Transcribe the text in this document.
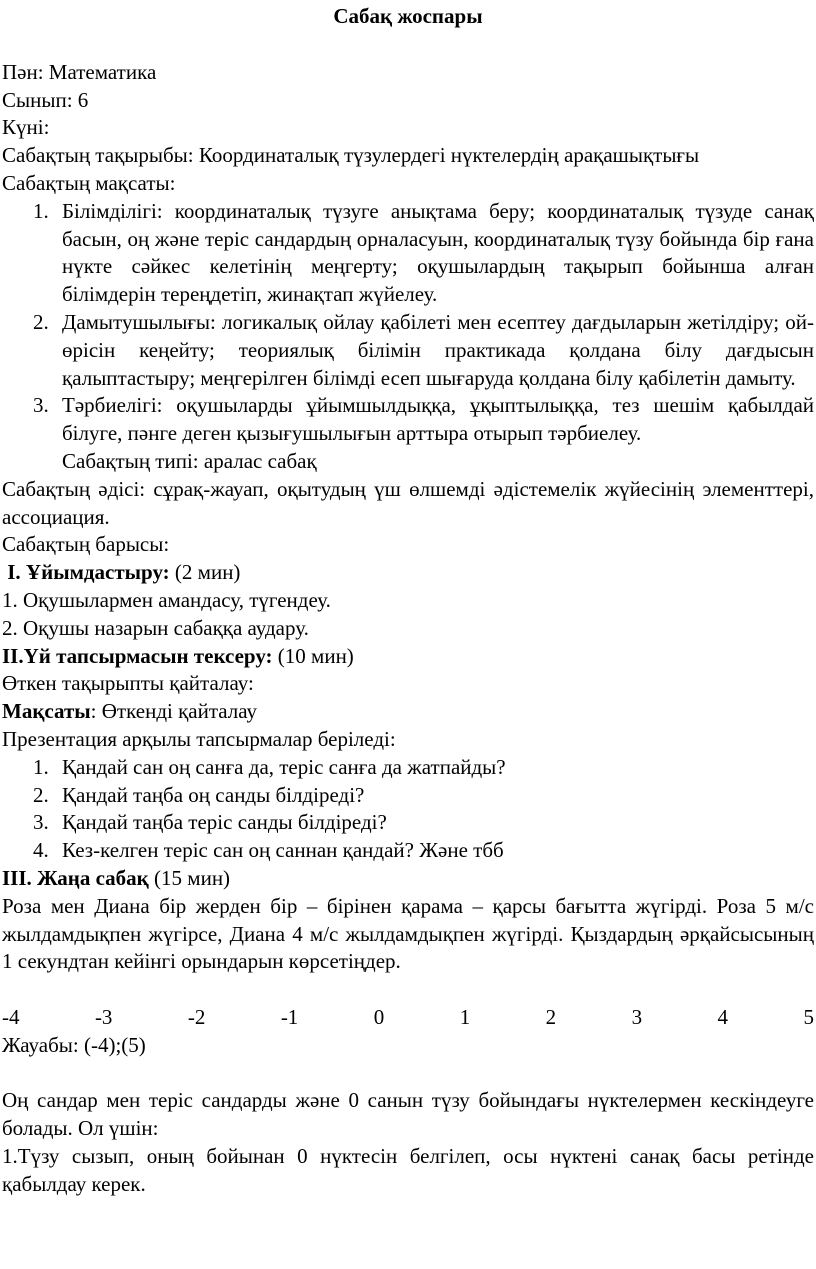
Сабақ жоспары
Пән: Математика
Сынып: 6
Күні:
Сабақтың тақырыбы: Координаталық түзулердегі нүктелердің арақашықтығы
Сабақтың мақсаты:
1. Білімділігі: координаталық түзуге анықтама беру; координаталық түзуде санақ басын, оң және теріс сандардың орналасуын, координаталық түзу бойында бір ғана нүкте сәйкес келетінің меңгерту; оқушылардың тақырып бойынша алған білімдерін тереңдетіп, жинақтап жүйелеу.
2. Дамытушылығы: логикалық ойлау қабілеті мен есептеу дағдыларын жетілдіру; ой-өрісін кеңейту; теориялық білімін практикада қолдана білу дағдысын қалыптастыру; меңгерілген білімді есеп шығаруда қолдана білу қабілетін дамыту.
3. Тәрбиелігі: оқушыларды ұйымшылдыққа, ұқыптылыққа, тез шешім қабылдай білуге, пәнге деген қызығушылығын арттыра отырып тәрбиелеу.
Сабақтың типі: аралас сабақ
Сабақтың әдісі: сұрақ-жауап, оқытудың үш өлшемді әдістемелік жүйесінің элементтері, ассоциация.
Сабақтың барысы:
I. Ұйымдастыру: (2 мин)
1. Оқушылармен амандасу, түгендеу.
2. Оқушы назарын сабаққа аудару.
II.Үй тапсырмасын тексеру: (10 мин)
Өткен тақырыпты қайталау:
Мақсаты: Өткенді қайталау
Презентация арқылы тапсырмалар беріледі:
1. Қандай сан оң санға да, теріс санға да жатпайды?
2. Қандай таңба оң санды білдіреді?
3. Қандай таңба теріс санды білдіреді?
4. Кез-келген теріс сан оң саннан қандай? Және тбб
III. Жаңа сабақ (15 мин)
Роза мен Диана бір жерден бір – бірінен қарама – қарсы бағытта жүгірді. Роза 5 м/с жылдамдықпен жүгірсе, Диана 4 м/с жылдамдықпен жүгірді. Қыздардың әрқайсысының 1 секундтан кейінгі орындарын көрсетіңдер.
-4	-3	-2	-1	0	1	2	3	4	5
Жауабы: (-4);(5)
Оң сандар мен теріс сандарды және 0 санын түзу бойындағы нүктелермен кескіндеуге болады. Ол үшін:
1.Түзу сызып, оның бойынан 0 нүктесін белгілеп, осы нүктені санақ басы ретінде қабылдау керек.
